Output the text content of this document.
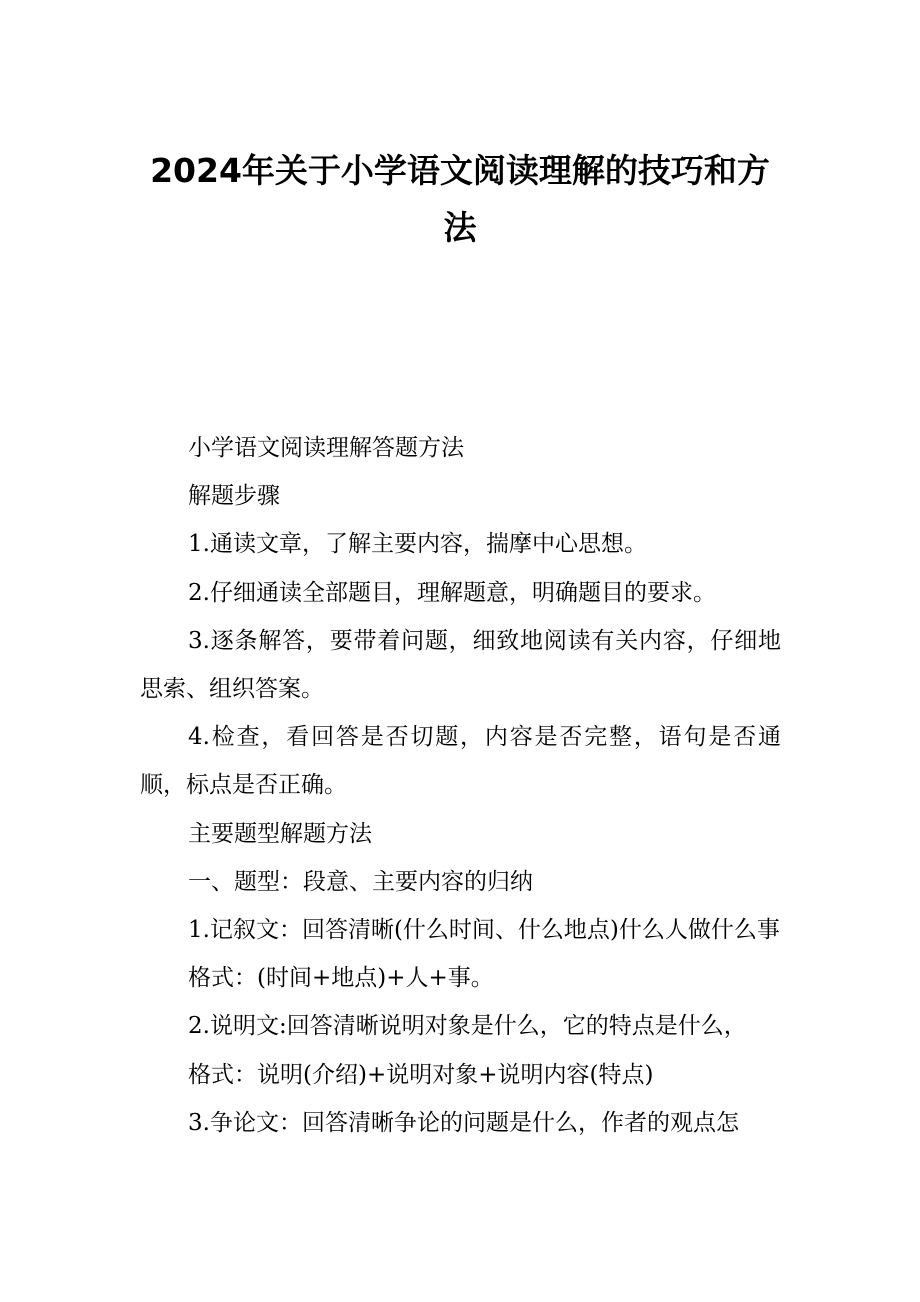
2024年关于小学语文阅读理解的技巧和方
法

小学语文阅读理解答题方法

解题步骤

1.通读文章，了解主要内容，揣摩中心思想。

2.仔细通读全部题目，理解题意，明确题目的要求。

3.逐条解答，要带着问题，细致地阅读有关内容，仔细地思索、组织答案。

4.检查，看回答是否切题，内容是否完整，语句是否通顺，标点是否正确。

主要题型解题方法

一、题型：段意、主要内容的归纳

1.记叙文：回答清晰(什么时间、什么地点)什么人做什么事

格式：(时间+地点)+人+事。

2.说明文:回答清晰说明对象是什么，它的特点是什么，

格式：说明(介绍)+说明对象+说明内容(特点)

3.争论文：回答清晰争论的问题是什么，作者的观点怎
